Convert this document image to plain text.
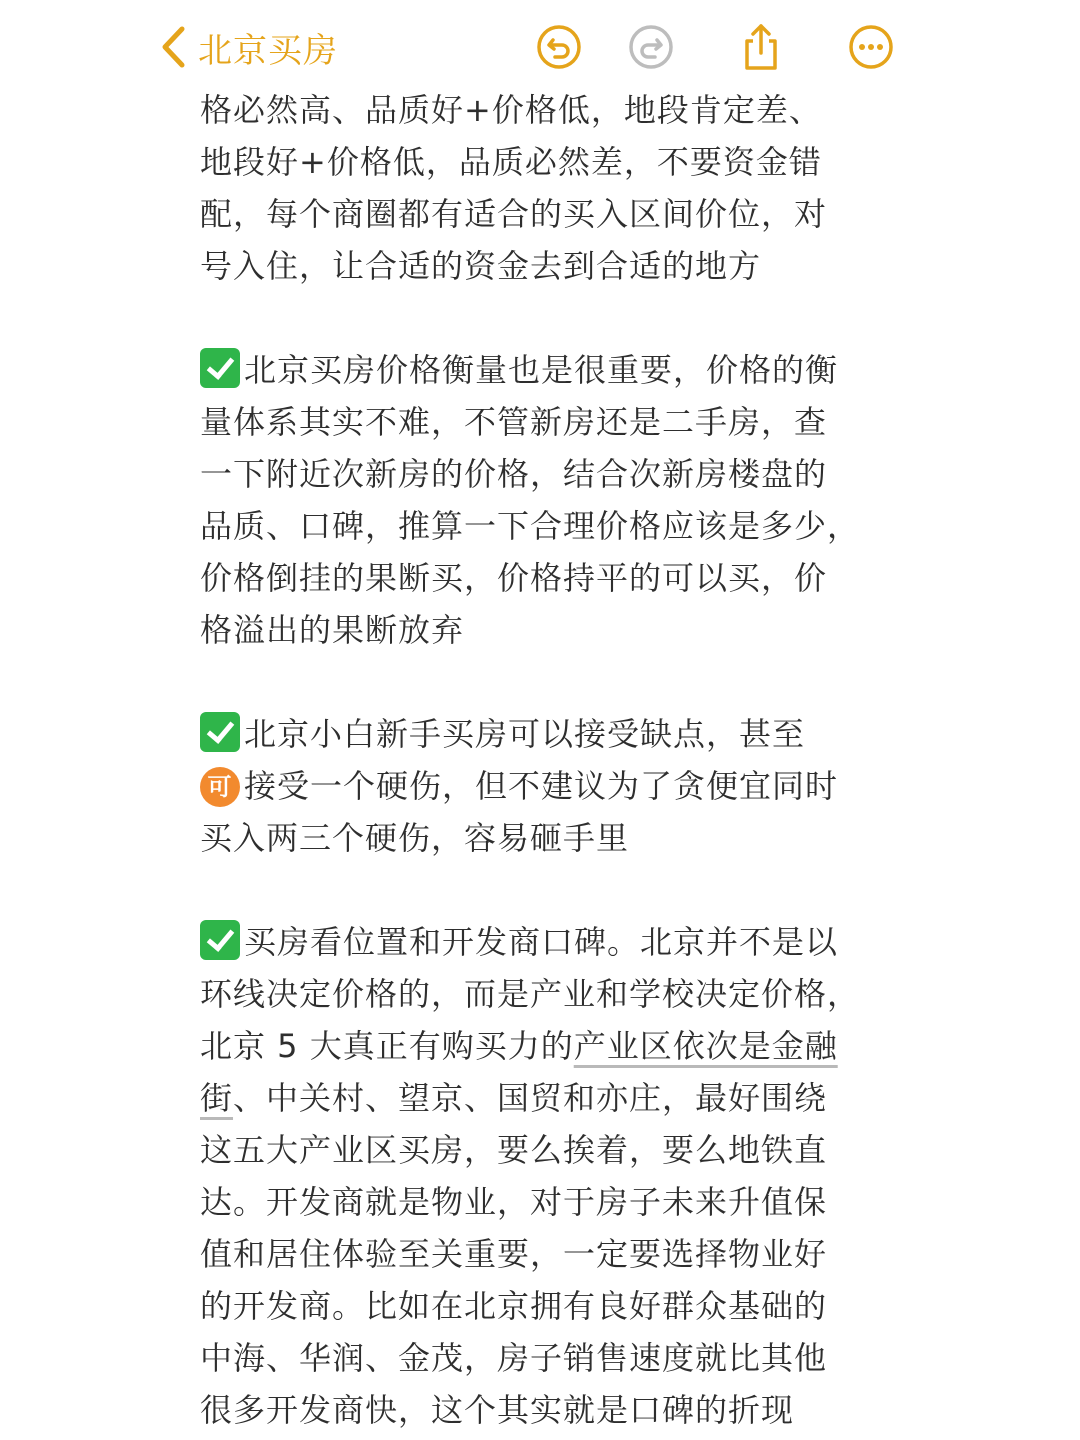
北京买房

格必然高、品质好+价格低，地段肯定差、
地段好+价格低，品质必然差，不要资金错
配，每个商圈都有适合的买入区间价位，对
号入住，让合适的资金去到合适的地方

北京买房价格衡量也是很重要，价格的衡
量体系其实不难，不管新房还是二手房，查
一下附近次新房的价格，结合次新房楼盘的
品质、口碑，推算一下合理价格应该是多少，
价格倒挂的果断买，价格持平的可以买，价
格溢出的果断放弃

北京小白新手买房可以接受缺点，甚至
可 接受一个硬伤，但不建议为了贪便宜同时
买入两三个硬伤，容易砸手里

买房看位置和开发商口碑。北京并不是以
环线决定价格的，而是产业和学校决定价格，
北京 5 大真正有购买力的产业区依次是金融
街、中关村、望京、国贸和亦庄，最好围绕
这五大产业区买房，要么挨着，要么地铁直
达。开发商就是物业，对于房子未来升值保
值和居住体验至关重要，一定要选择物业好
的开发商。比如在北京拥有良好群众基础的
中海、华润、金茂，房子销售速度就比其他
很多开发商快，这个其实就是口碑的折现
